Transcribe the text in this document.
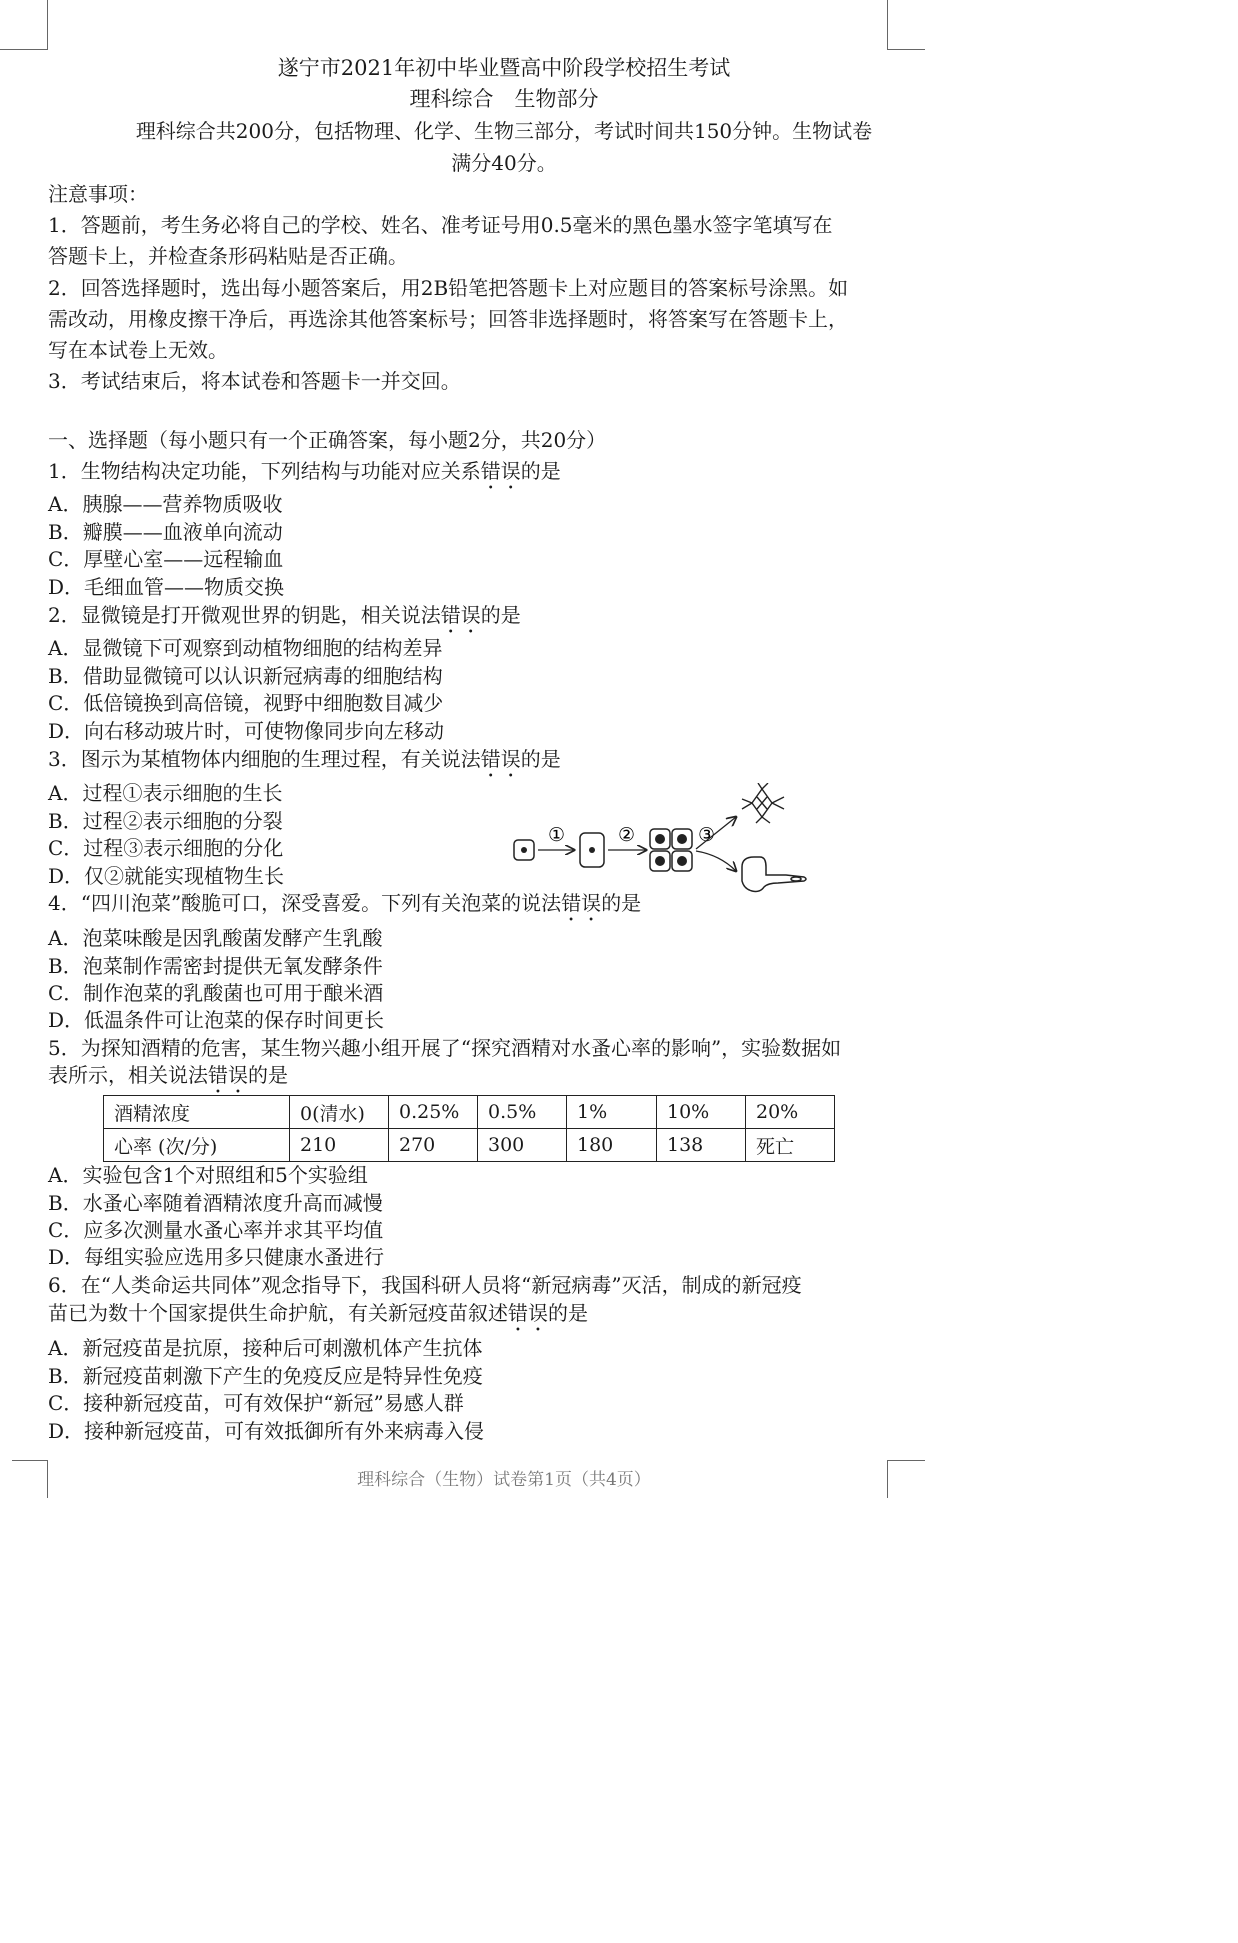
遂宁市2021年初中毕业暨高中阶段学校招生考试
理科综合　生物部分
理科综合共200分，包括物理、化学、生物三部分，考试时间共150分钟。生物试卷
满分40分。
注意事项：
1．答题前，考生务必将自己的学校、姓名、准考证号用0.5毫米的黑色墨水签字笔填写在
答题卡上，并检查条形码粘贴是否正确。
2．回答选择题时，选出每小题答案后，用2B铅笔把答题卡上对应题目的答案标号涂黑。如
需改动，用橡皮擦干净后，再选涂其他答案标号；回答非选择题时，将答案写在答题卡上，
写在本试卷上无效。
3．考试结束后，将本试卷和答题卡一并交回。
一、选择题（每小题只有一个正确答案，每小题2分，共20分）
1．生物结构决定功能，下列结构与功能对应关系错误的是
A．胰腺——营养物质吸收
B．瓣膜——血液单向流动
C．厚壁心室——远程输血
D．毛细血管——物质交换
2．显微镜是打开微观世界的钥匙，相关说法错误的是
A．显微镜下可观察到动植物细胞的结构差异
B．借助显微镜可以认识新冠病毒的细胞结构
C．低倍镜换到高倍镜，视野中细胞数目减少
D．向右移动玻片时，可使物像同步向左移动
3．图示为某植物体内细胞的生理过程，有关说法错误的是
A．过程①表示细胞的生长
B．过程②表示细胞的分裂
C．过程③表示细胞的分化
D．仅②就能实现植物生长
①	②	③
4．“四川泡菜”酸脆可口，深受喜爱。下列有关泡菜的说法错误的是
A．泡菜味酸是因乳酸菌发酵产生乳酸
B．泡菜制作需密封提供无氧发酵条件
C．制作泡菜的乳酸菌也可用于酿米酒
D．低温条件可让泡菜的保存时间更长
5．为探知酒精的危害，某生物兴趣小组开展了“探究酒精对水蚤心率的影响”，实验数据如
表所示，相关说法错误的是
酒精浓度	0(清水)	0.25%	0.5%	1%	10%	20%
心率 (次/分)	210	270	300	180	138	死亡
A．实验包含1个对照组和5个实验组
B．水蚤心率随着酒精浓度升高而减慢
C．应多次测量水蚤心率并求其平均值
D．每组实验应选用多只健康水蚤进行
6．在“人类命运共同体”观念指导下，我国科研人员将“新冠病毒”灭活，制成的新冠疫
苗已为数十个国家提供生命护航，有关新冠疫苗叙述错误的是
A．新冠疫苗是抗原，接种后可刺激机体产生抗体
B．新冠疫苗刺激下产生的免疫反应是特异性免疫
C．接种新冠疫苗，可有效保护“新冠”易感人群
D．接种新冠疫苗，可有效抵御所有外来病毒入侵
理科综合（生物）试卷第1页（共4页）
